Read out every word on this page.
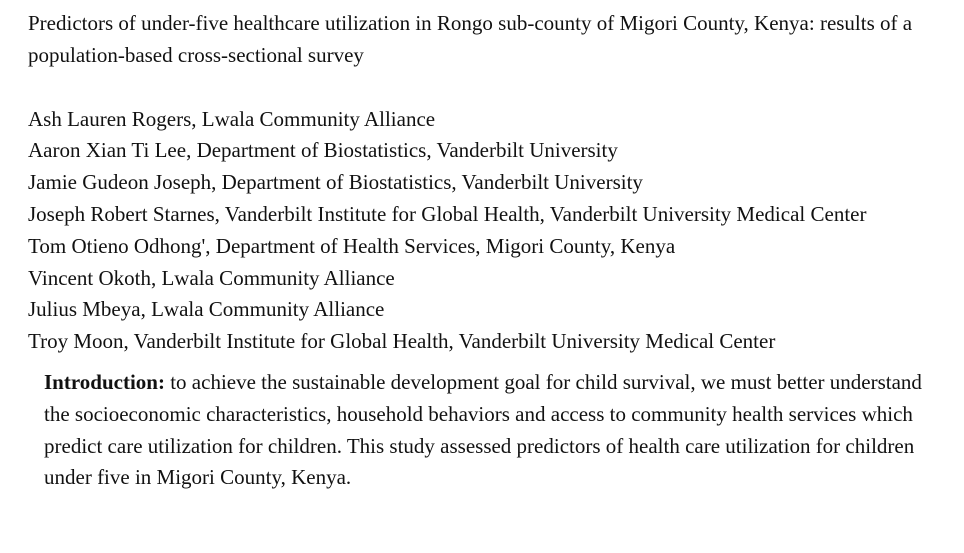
Predictors of under-five healthcare utilization in Rongo sub-county of Migori County, Kenya: results of a population-based cross-sectional survey
Ash Lauren Rogers, Lwala Community Alliance
Aaron Xian Ti Lee, Department of Biostatistics, Vanderbilt University
Jamie Gudeon Joseph, Department of Biostatistics, Vanderbilt University
Joseph Robert Starnes, Vanderbilt Institute for Global Health, Vanderbilt University Medical Center
Tom Otieno Odhong', Department of Health Services, Migori County, Kenya
Vincent Okoth, Lwala Community Alliance
Julius Mbeya, Lwala Community Alliance
Troy Moon, Vanderbilt Institute for Global Health, Vanderbilt University Medical Center

Introduction: to achieve the sustainable development goal for child survival, we must better understand the socioeconomic characteristics, household behaviors and access to community health services which predict care utilization for children. This study assessed predictors of health care utilization for children under five in Migori County, Kenya.
